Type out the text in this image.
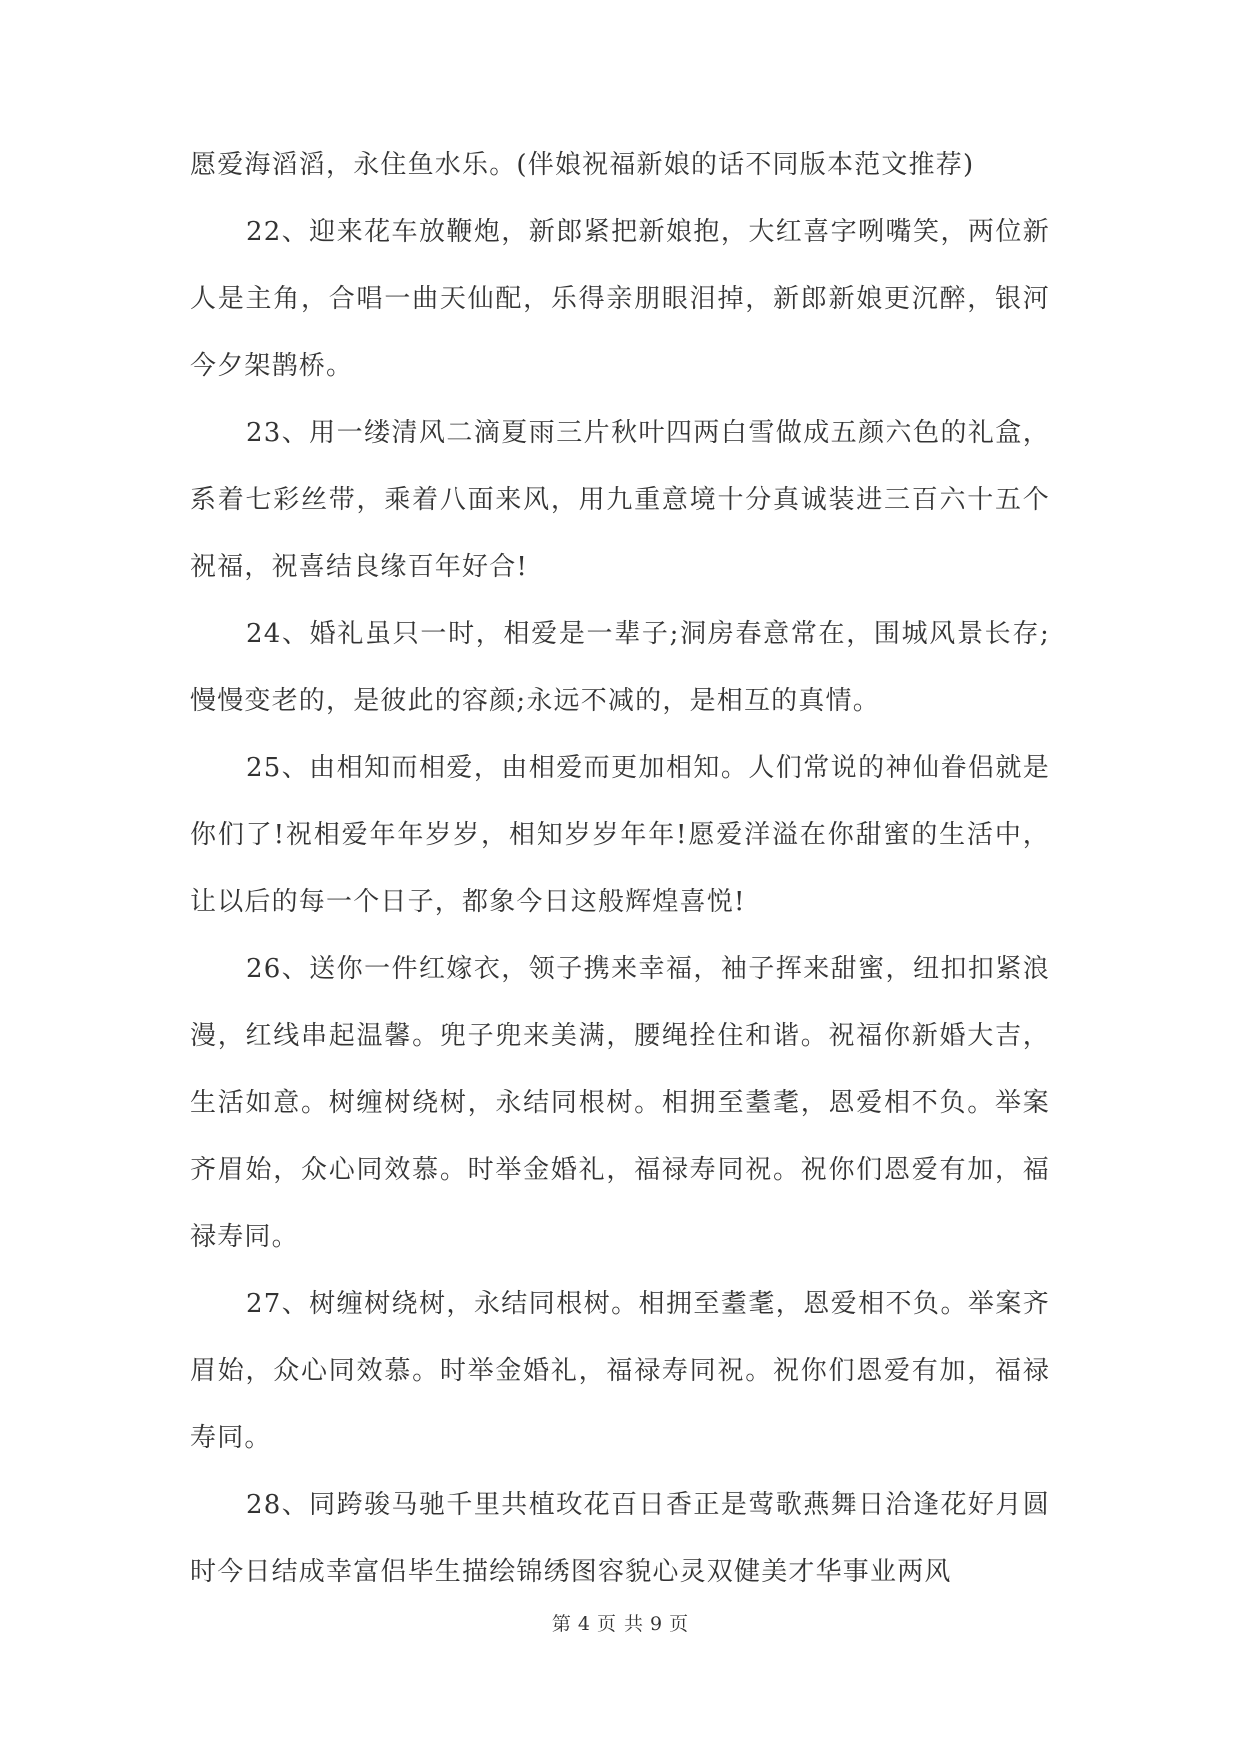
愿爱海滔滔，永住鱼水乐。(伴娘祝福新娘的话不同版本范文推荐)

22、迎来花车放鞭炮，新郎紧把新娘抱，大红喜字咧嘴笑，两位新人是主角，合唱一曲天仙配，乐得亲朋眼泪掉，新郎新娘更沉醉，银河今夕架鹊桥。

23、用一缕清风二滴夏雨三片秋叶四两白雪做成五颜六色的礼盒，系着七彩丝带，乘着八面来风，用九重意境十分真诚装进三百六十五个祝福，祝喜结良缘百年好合!

24、婚礼虽只一时，相爱是一辈子;洞房春意常在，围城风景长存;慢慢变老的，是彼此的容颜;永远不减的，是相互的真情。

25、由相知而相爱，由相爱而更加相知。人们常说的神仙眷侣就是你们了!祝相爱年年岁岁，相知岁岁年年!愿爱洋溢在你甜蜜的生活中，让以后的每一个日子，都象今日这般辉煌喜悦!

26、送你一件红嫁衣，领子携来幸福，袖子挥来甜蜜，纽扣扣紧浪漫，红线串起温馨。兜子兜来美满，腰绳拴住和谐。祝福你新婚大吉，生活如意。树缠树绕树，永结同根树。相拥至耋耄，恩爱相不负。举案齐眉始，众心同效慕。时举金婚礼，福禄寿同祝。祝你们恩爱有加，福禄寿同。

27、树缠树绕树，永结同根树。相拥至耋耄，恩爱相不负。举案齐眉始，众心同效慕。时举金婚礼，福禄寿同祝。祝你们恩爱有加，福禄寿同。

28、同跨骏马驰千里共植玫花百日香正是莺歌燕舞日洽逢花好月圆时今日结成幸富侣毕生描绘锦绣图容貌心灵双健美才华事业两风

第 4 页 共 9 页
